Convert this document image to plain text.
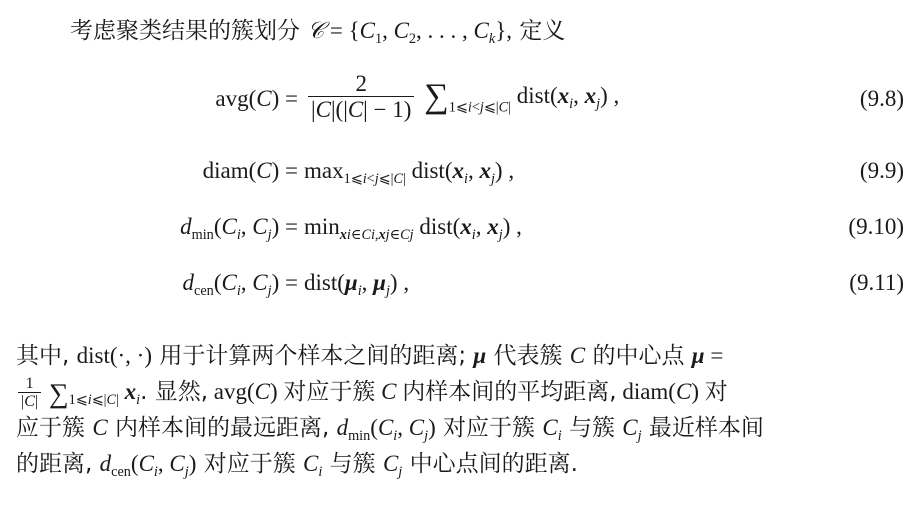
考虑聚类结果的簇划分 𝒞 = {$C_1$, $C_2$, . . . , $C_k$}, 定义
$avg(C) = \frac{2}{|C|(|C| - 1)} \sum_{1⩽i<j⩽|C|}$ $dist(x_i$, $x_j$) ,	(9.8)
diam(C) = $\max_{1⩽i<j⩽|C|}$ $dist(x_i$, $x_j$) ,	(9.9)
$d_{min}(C_i$, $C_j) = \min_{xi\in Ci,xj\in Cj}$ $dist(x_i$, $x_j$) ,	(9.10)
$d_{cen}(C_i$, $C_j$) = $dist(\mu_i$, $\mu_j$) ,	(9.11)
其中, dist(·, ·) 用于计算两个样本之间的距离; μ 代表簇 C 的中心点 μ =
$\frac{1}{|C|} \sum_{1⩽i⩽|C|}$ $x_i$. 显然, avg(C) 对应于簇 C 内样本间的平均距离, diam(C) 对
应于簇 C 内样本间的最远距离, $d_{min}(C_i$, $C_j$) 对应于簇 $C_i$ 与簇 $C_j$ 最近样本间
的距离, $d_{cen}(C_i$, $C_j$) 对应于簇 $C_i$ 与簇 $C_j$ 中心点间的距离.
